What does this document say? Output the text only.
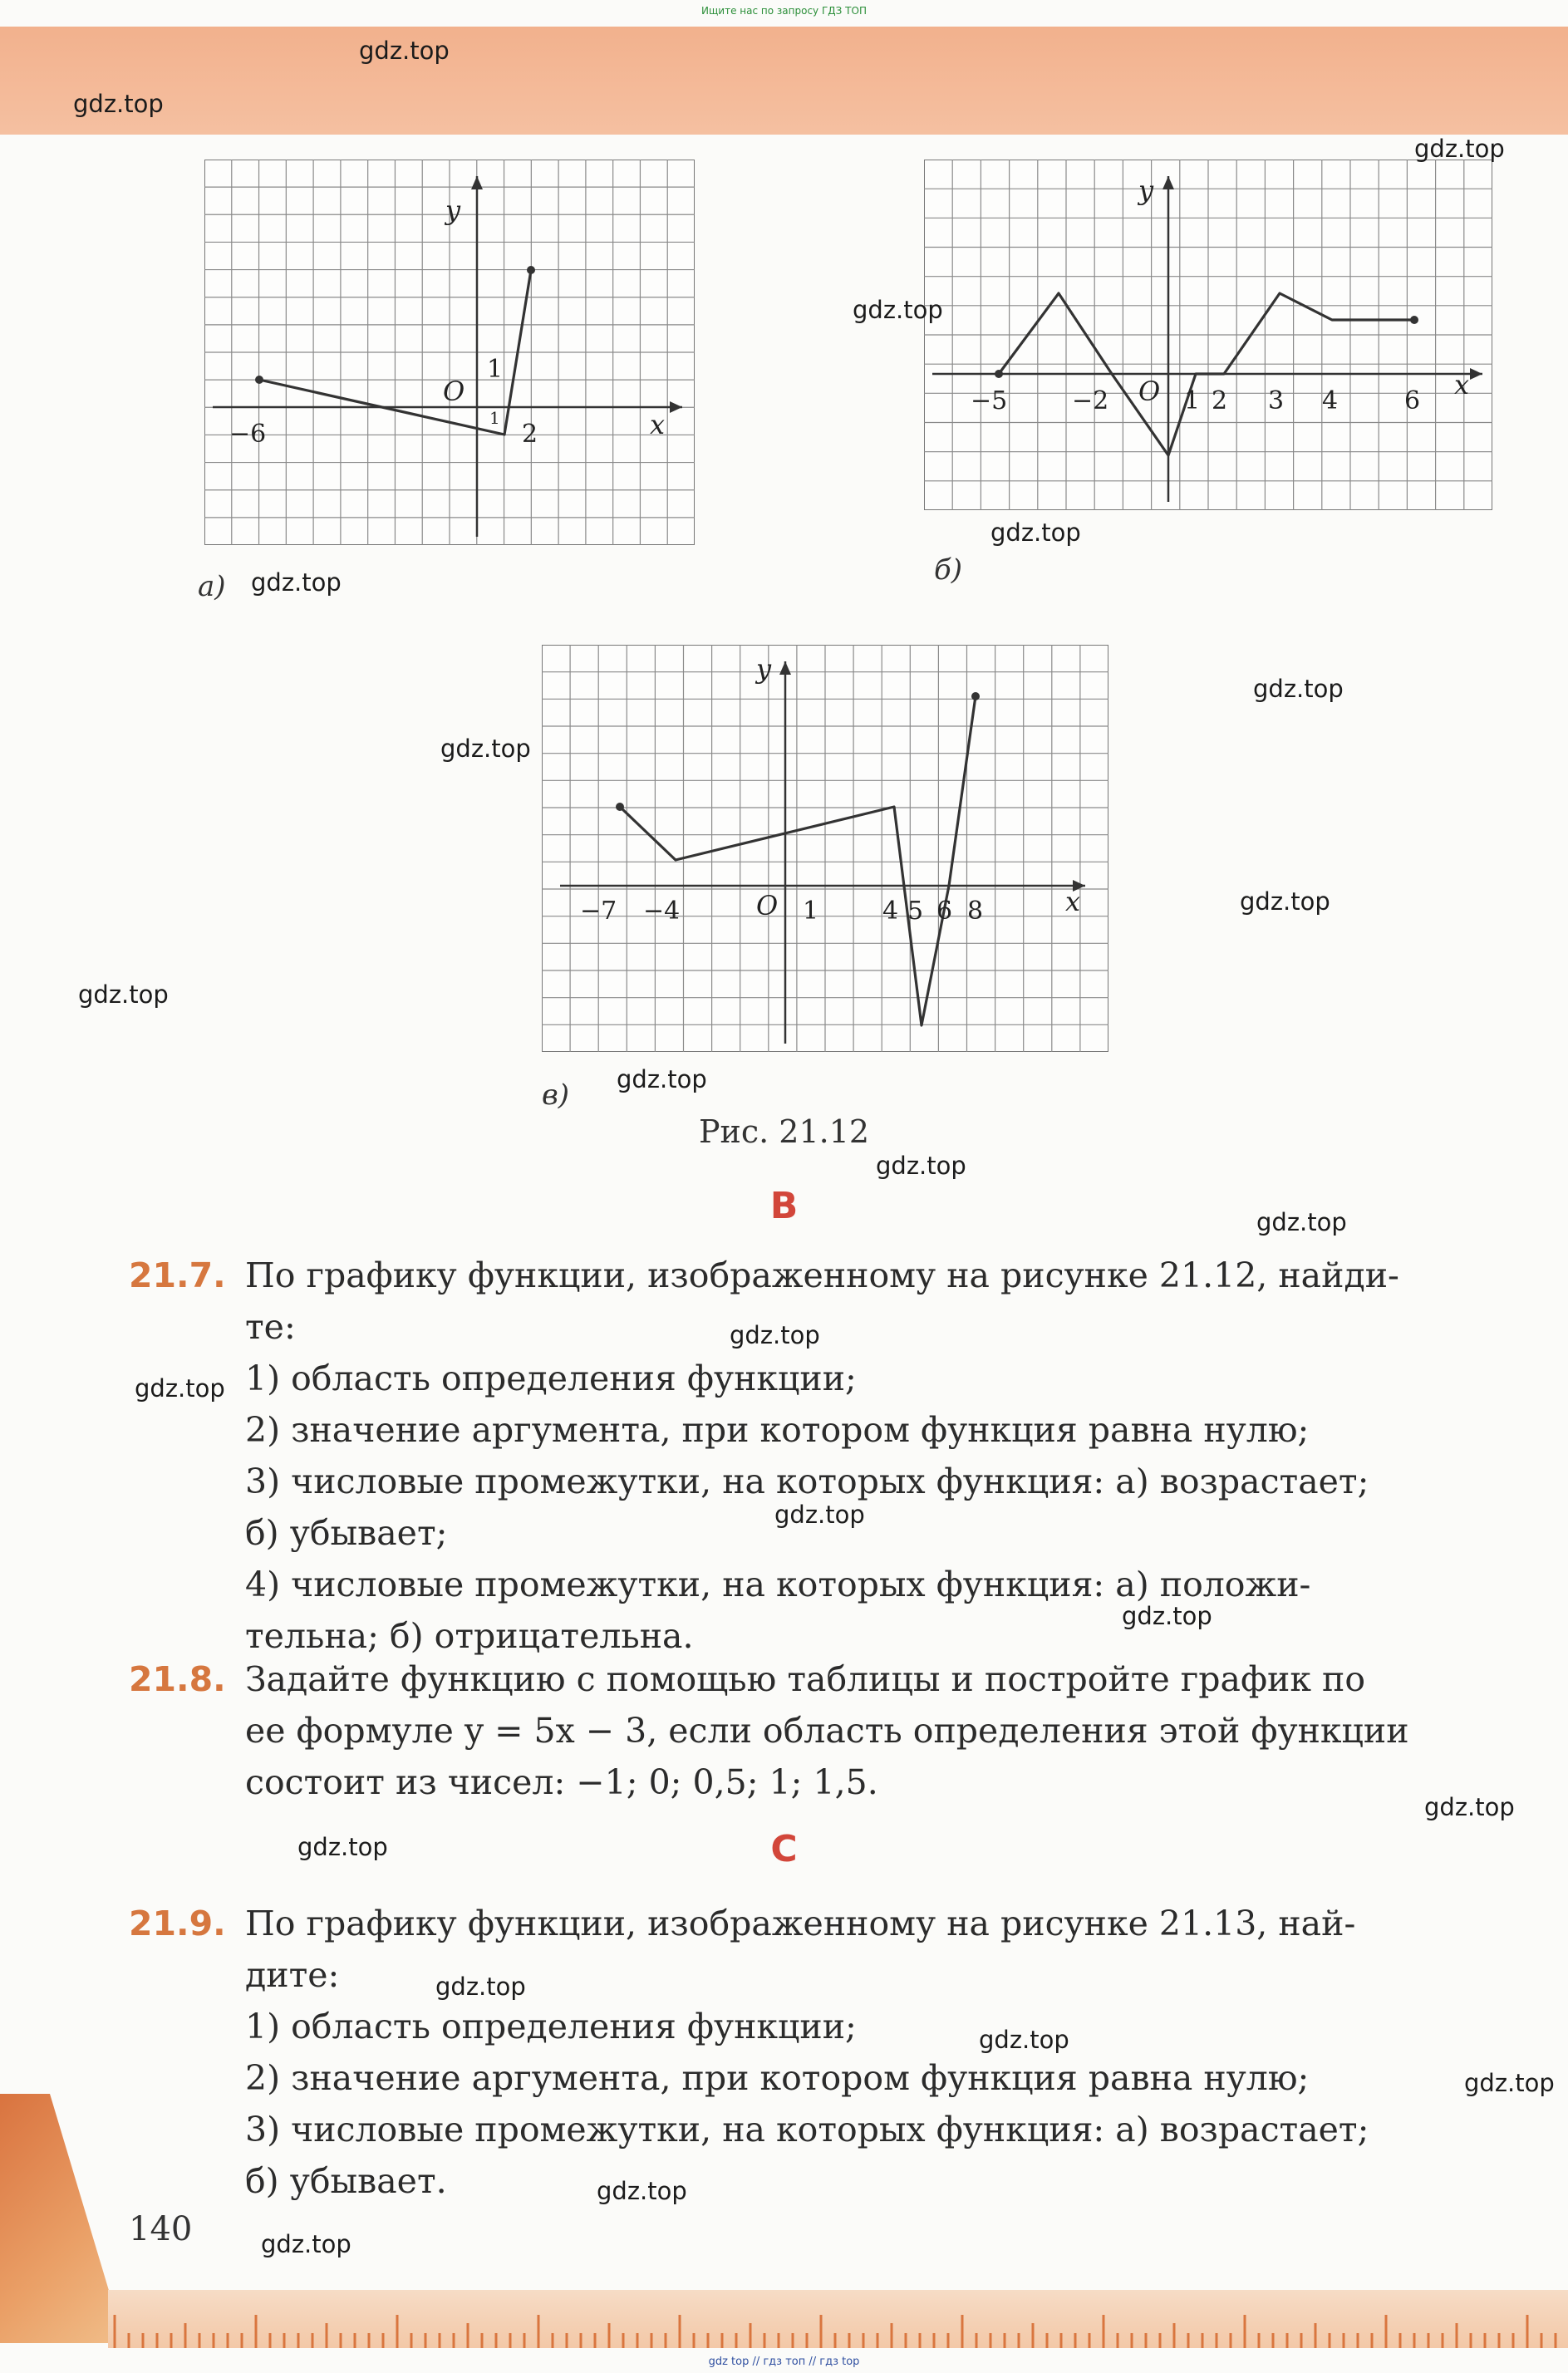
Ищите нас по запросу ГДЗ ТОП
−6	2
1
1
O
x
y
а)
−5	−2 O 1 2 3 4	6
x
y
б)
−7 −4	O 1	4 5 6 8	x
y
в)
Рис. 21.12
В
21.7. По графику функции, изображенному на рисунке 21.12, найди-
те:
1) область определения функции;
2) значение аргумента, при котором функция равна нулю;
3) числовые промежутки, на которых функция: а) возрастает;
б) убывает;
4) числовые промежутки, на которых функция: а) положи-
тельна; б) отрицательна.
21.8. Задайте функцию с помощью таблицы и постройте график по
ее формуле y = 5x − 3, если область определения этой функции
состоит из чисел: −1; 0; 0,5; 1; 1,5.
С
21.9. По графику функции, изображенному на рисунке 21.13, най-
дите:
1) область определения функции;
2) значение аргумента, при котором функция равна нулю;
3) числовые промежутки, на которых функция: а) возрастает;
б) убывает.
140
gdz top // гдз топ // гдз top
gdz.top
gdz.top
gdz.top
gdz.top
gdz.top
gdz.top
gdz.top
gdz.top
gdz.top
gdz.top
gdz.top
gdz.top
gdz.top
gdz.top
gdz.top
gdz.top
gdz.top
gdz.top
gdz.top
gdz.top
gdz.top
gdz.top
gdz.top
gdz.top
